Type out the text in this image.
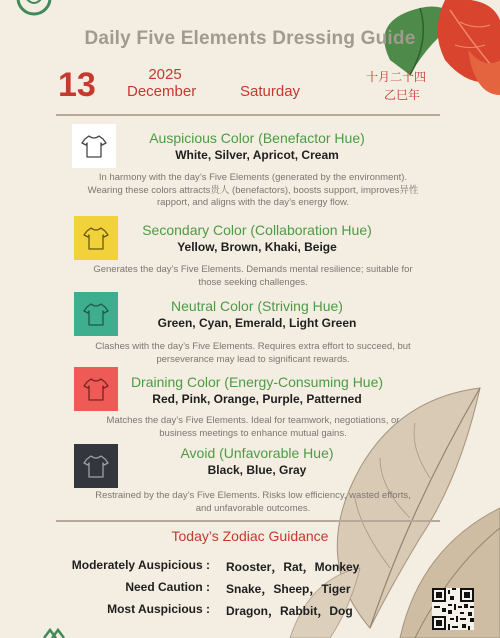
Daily Five Elements Dressing Guide
13	2025
December	Saturday
十月二十四
乙巳年
Auspicious Color (Benefactor Hue)
White, Silver, Apricot, Cream
In harmony with the day’s Five Elements (generated by the environment).
Wearing these colors attracts贵人 (benefactors), boosts support, improves异性
rapport, and aligns with the day’s energy flow.
Secondary Color (Collaboration Hue)
Yellow, Brown, Khaki, Beige
Generates the day’s Five Elements. Demands mental resilience; suitable for
those seeking challenges.
Neutral Color (Striving Hue)
Green, Cyan, Emerald, Light Green
Clashes with the day’s Five Elements. Requires extra effort to succeed, but
perseverance may lead to significant rewards.
Draining Color (Energy-Consuming Hue)
Red, Pink, Orange, Purple, Patterned
Matches the day’s Five Elements. Ideal for teamwork, negotiations, or
business meetings to enhance mutual gains.
Avoid (Unfavorable Hue)
Black, Blue, Gray
Restrained by the day’s Five Elements. Risks low efficiency, wasted efforts,
and unfavorable outcomes.
Today’s Zodiac Guidance
Moderately Auspicious : Rooster，Rat，Monkey
Need Caution : Snake，Sheep，Tiger
Most Auspicious : Dragon，Rabbit，Dog
